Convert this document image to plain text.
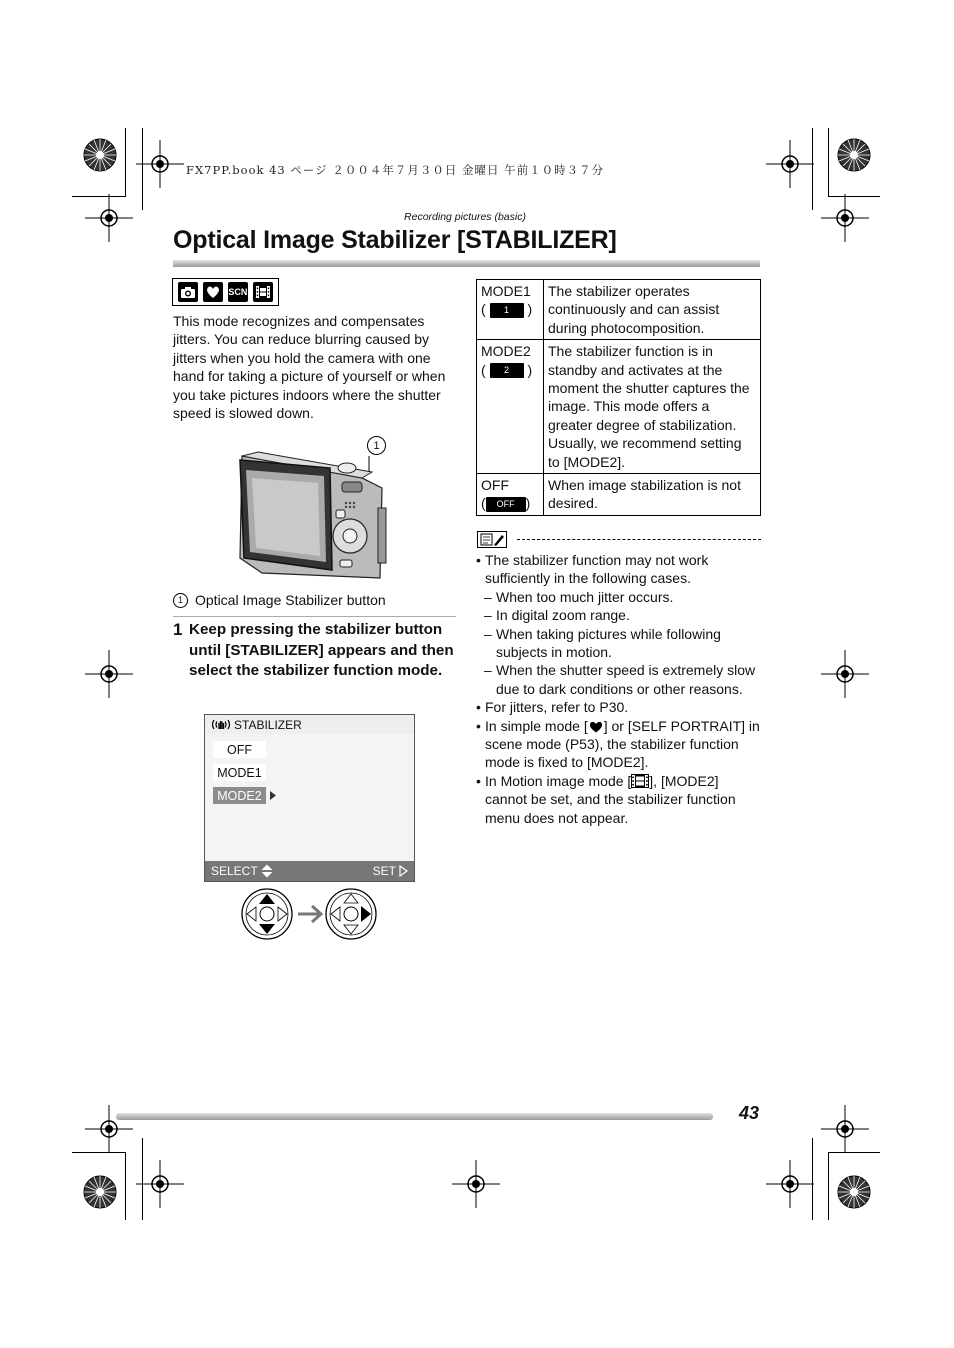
FX7PP.book 43 ページ ２００４年７月３０日 金曜日 午前１０時３７分
Recording pictures (basic)
Optical Image Stabilizer [STABILIZER]
SCN
This mode recognizes and compensates jitters. You can reduce blurring caused by jitters when you hold the camera with one hand for taking a picture of yourself or when you take pictures indoors where the shutter speed is slowed down.
1
1 Optical Image Stabilizer button
1 Keep pressing the stabilizer button until [STABILIZER] appears and then select the stabilizer function mode.
STABILIZER
OFF
MODE1
MODE2
SELECT	SET
MODE1
( 1 )	The stabilizer operates continuously and can assist during photocomposition.

MODE2
( 2 )	The stabilizer function is in standby and activates at the moment the shutter captures the image. This mode offers a greater degree of stabilization. Usually, we recommend setting to [MODE2].

OFF
( OFF )	When image stabilization is not desired.
• The stabilizer function may not work sufficiently in the following cases.
– When too much jitter occurs.
– In digital zoom range.
– When taking pictures while following subjects in motion.
– When the shutter speed is extremely slow due to dark conditions or other reasons.
• For jitters, refer to P30.
• In simple mode [ ] or [SELF PORTRAIT] in scene mode (P53), the stabilizer function mode is fixed to [MODE2].
• In Motion image mode [ ], [MODE2] cannot be set, and the stabilizer function menu does not appear.
43
